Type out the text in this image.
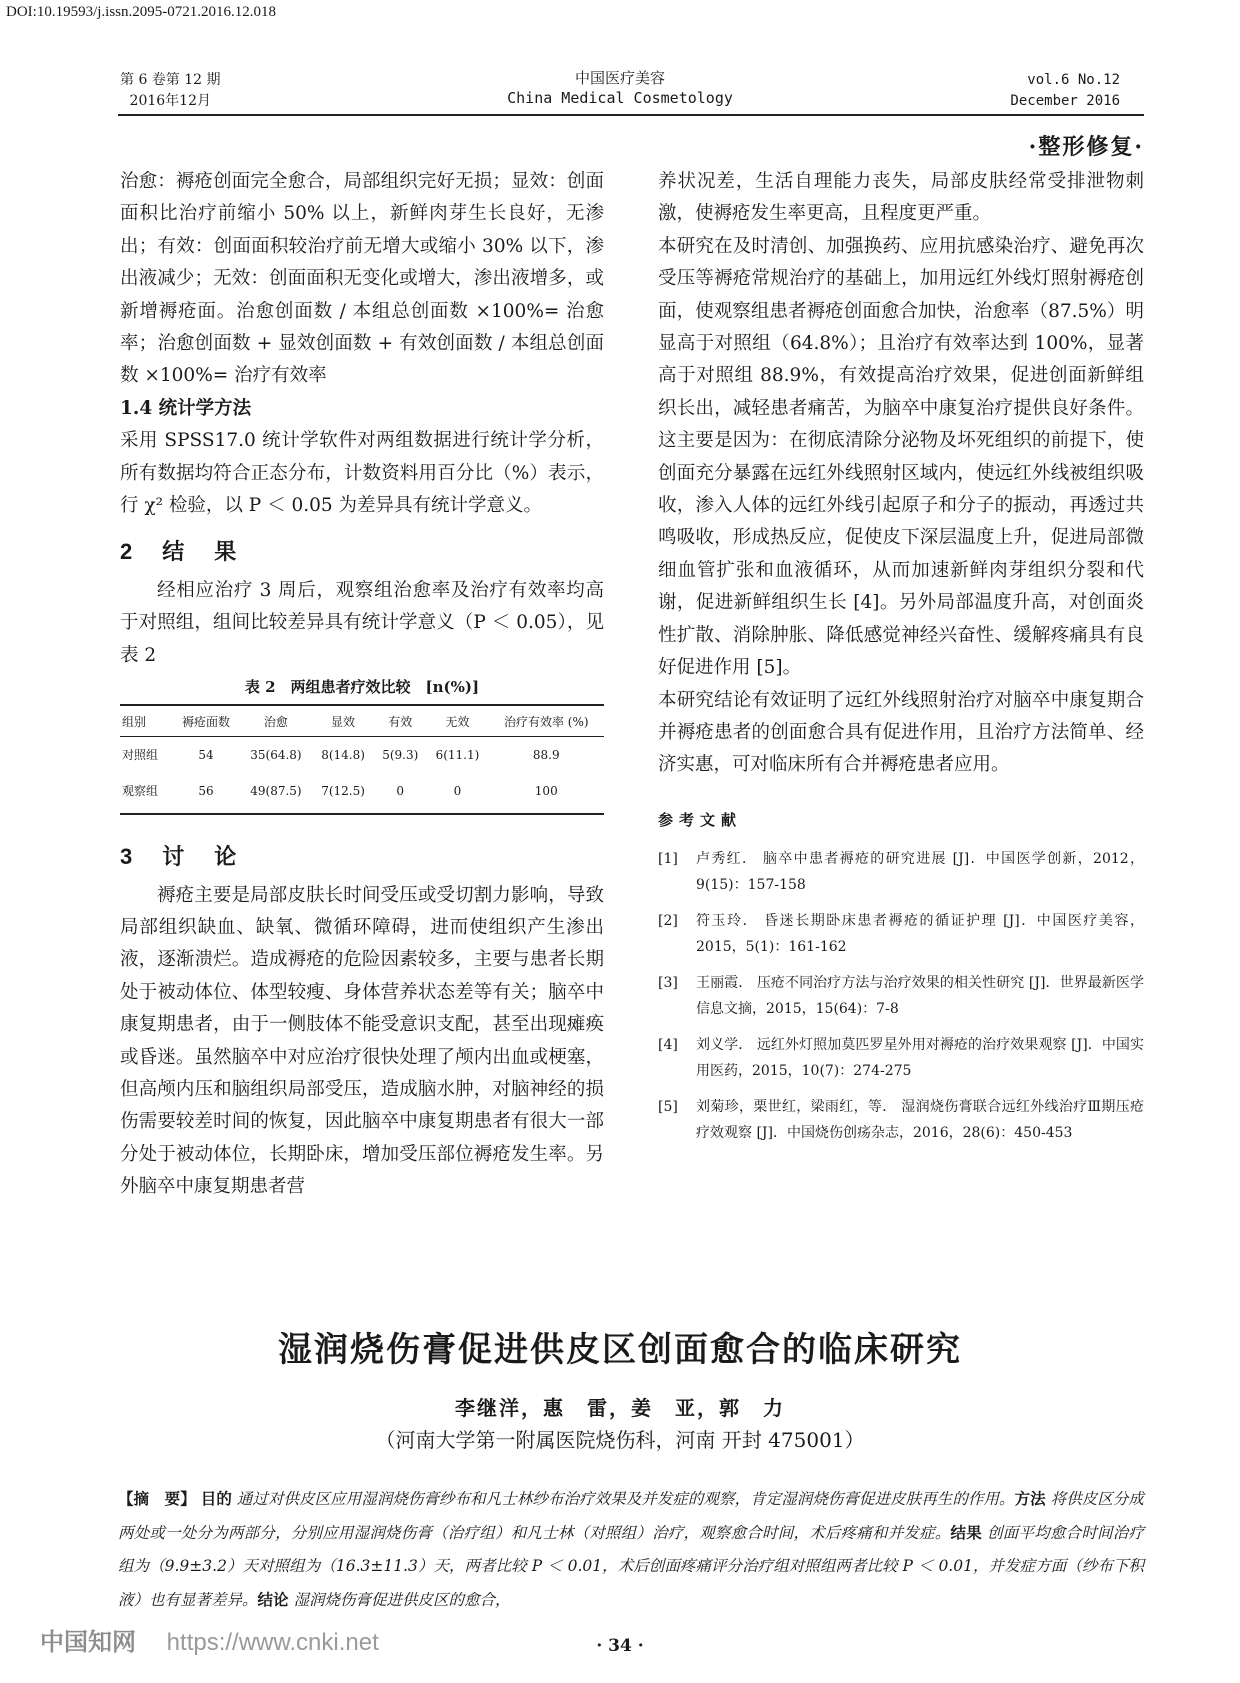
DOI:10.19593/j.issn.2095-0721.2016.12.018
第 6 卷第 12 期
2016年12月
中国医疗美容
China Medical Cosmetology
vol.6 No.12
December 2016
·整形修复·

治愈：褥疮创面完全愈合，局部组织完好无损；显效：创面面积比治疗前缩小 50% 以上，新鲜肉芽生长良好，无渗出；有效：创面面积较治疗前无增大或缩小 30% 以下，渗出液减少；无效：创面面积无变化或增大，渗出液增多，或新增褥疮面。治愈创面数 / 本组总创面数 ×100%= 治愈率；治愈创面数 + 显效创面数 + 有效创面数 / 本组总创面数 ×100%= 治疗有效率

1.4 统计学方法

采用 SPSS17.0 统计学软件对两组数据进行统计学分析，所有数据均符合正态分布，计数资料用百分比（%）表示，行 χ² 检验，以 P ＜ 0.05 为差异具有统计学意义。

2　结　果

经相应治疗 3 周后，观察组治愈率及治疗有效率均高于对照组，组间比较差异具有统计学意义（P ＜ 0.05），见表 2

表 2　两组患者疗效比较　[n(%)]
组别	褥疮面数	治愈	显效	有效	无效	治疗有效率 (%)
对照组	54	35(64.8)	8(14.8)	5(9.3)	6(11.1)	88.9
观察组	56	49(87.5)	7(12.5)	0	0	100

3　讨　论

褥疮主要是局部皮肤长时间受压或受切割力影响，导致局部组织缺血、缺氧、微循环障碍，进而使组织产生渗出液，逐渐溃烂。造成褥疮的危险因素较多，主要与患者长期处于被动体位、体型较瘦、身体营养状态差等有关；脑卒中康复期患者，由于一侧肢体不能受意识支配，甚至出现瘫痪或昏迷。虽然脑卒中对应治疗很快处理了颅内出血或梗塞，但高颅内压和脑组织局部受压，造成脑水肿，对脑神经的损伤需要较差时间的恢复，因此脑卒中康复期患者有很大一部分处于被动体位，长期卧床，增加受压部位褥疮发生率。另外脑卒中康复期患者营

养状况差，生活自理能力丧失，局部皮肤经常受排泄物刺激，使褥疮发生率更高，且程度更严重。

本研究在及时清创、加强换药、应用抗感染治疗、避免再次受压等褥疮常规治疗的基础上，加用远红外线灯照射褥疮创面，使观察组患者褥疮创面愈合加快，治愈率（87.5%）明显高于对照组（64.8%）；且治疗有效率达到 100%，显著高于对照组 88.9%，有效提高治疗效果，促进创面新鲜组织长出，减轻患者痛苦，为脑卒中康复治疗提供良好条件。这主要是因为：在彻底清除分泌物及坏死组织的前提下，使创面充分暴露在远红外线照射区域内，使远红外线被组织吸收，渗入人体的远红外线引起原子和分子的振动，再透过共鸣吸收，形成热反应，促使皮下深层温度上升，促进局部微细血管扩张和血液循环，从而加速新鲜肉芽组织分裂和代谢，促进新鲜组织生长 [4]。另外局部温度升高，对创面炎性扩散、消除肿胀、降低感觉神经兴奋性、缓解疼痛具有良好促进作用 [5]。

本研究结论有效证明了远红外线照射治疗对脑卒中康复期合并褥疮患者的创面愈合具有促进作用，且治疗方法简单、经济实惠，可对临床所有合并褥疮患者应用。

参考文献
[1]	卢秀红． 脑卒中患者褥疮的研究进展 [J]．中国医学创新，2012，9(15)：157-158
[2]	符玉玲． 昏迷长期卧床患者褥疮的循证护理 [J]．中国医疗美容，2015，5(1)：161-162
[3]	王丽霞． 压疮不同治疗方法与治疗效果的相关性研究 [J]．世界最新医学信息文摘，2015，15(64)：7-8
[4]	刘义学． 远红外灯照加莫匹罗星外用对褥疮的治疗效果观察 [J]．中国实用医药，2015，10(7)：274-275
[5]	刘菊珍，栗世红，梁雨红，等． 湿润烧伤膏联合远红外线治疗Ⅲ期压疮疗效观察 [J]．中国烧伤创疡杂志，2016，28(6)：450-453
湿润烧伤膏促进供皮区创面愈合的临床研究
李继洋，惠　雷，姜　亚，郭　力
（河南大学第一附属医院烧伤科，河南 开封 475001）
【摘　要】 目的 通过对供皮区应用湿润烧伤膏纱布和凡士林纱布治疗效果及并发症的观察，肯定湿润烧伤膏促进皮肤再生的作用。方法 将供皮区分成两处或一处分为两部分，分别应用湿润烧伤膏（治疗组）和凡士林（对照组）治疗，观察愈合时间，术后疼痛和并发症。结果 创面平均愈合时间治疗组为（9.9±3.2）天对照组为（16.3±11.3）天，两者比较 P ＜ 0.01，术后创面疼痛评分治疗组对照组两者比较 P ＜ 0.01，并发症方面（纱布下积液）也有显著差异。结论 湿润烧伤膏促进供皮区的愈合，
中国知网 https://www.cnki.net	· 34 ·
